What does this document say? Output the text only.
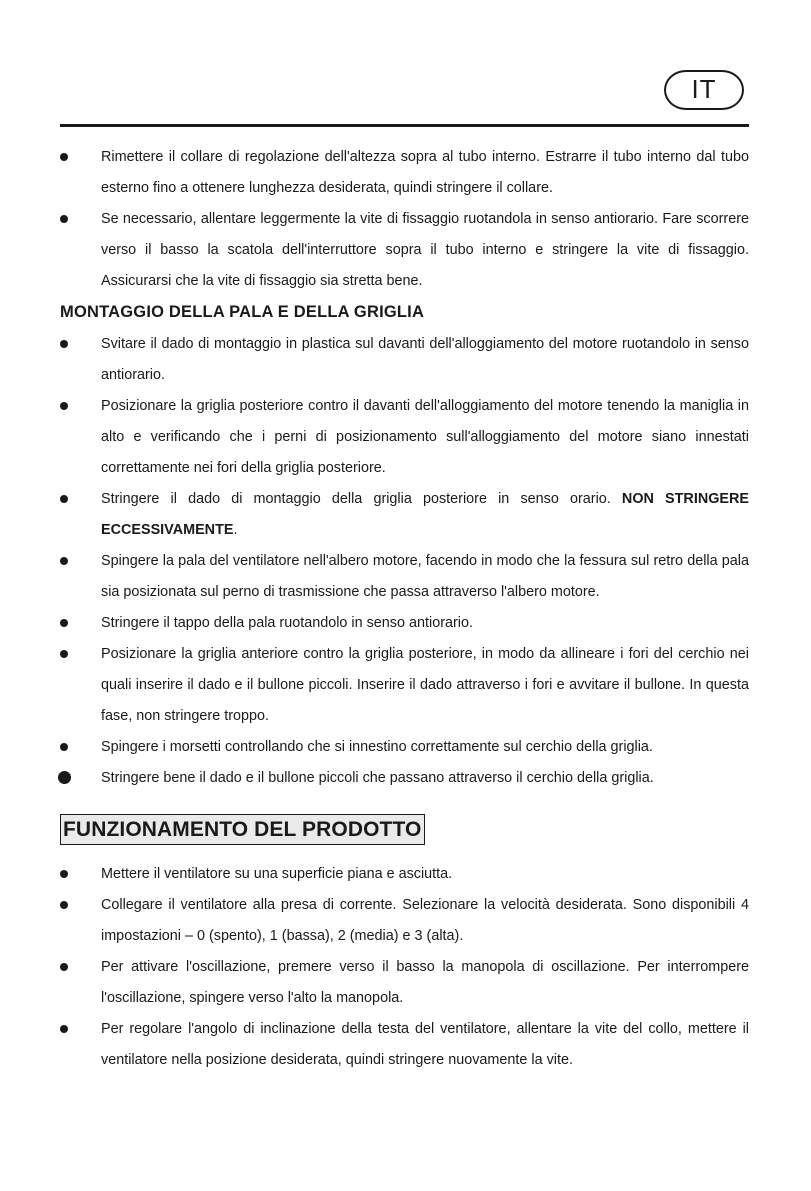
IT
Rimettere il collare di regolazione dell'altezza sopra al tubo interno. Estrarre il tubo interno dal tubo esterno fino a ottenere lunghezza desiderata, quindi stringere il collare.
Se necessario, allentare leggermente la vite di fissaggio ruotandola in senso antiorario. Fare scorrere verso il basso la scatola dell'interruttore sopra il tubo interno e stringere la vite di fissaggio. Assicurarsi che la vite di fissaggio sia stretta bene.
MONTAGGIO DELLA PALA E DELLA GRIGLIA
Svitare il dado di montaggio in plastica sul davanti dell'alloggiamento del motore ruotandolo in senso antiorario.
Posizionare la griglia posteriore contro il davanti dell'alloggiamento del motore tenendo la maniglia in alto e verificando che i perni di posizionamento sull'alloggiamento del motore siano innestati correttamente nei fori della griglia posteriore.
Stringere il dado di montaggio della griglia posteriore in senso orario. NON STRINGERE ECCESSIVAMENTE.
Spingere la pala del ventilatore nell'albero motore, facendo in modo che la fessura sul retro della pala sia posizionata sul perno di trasmissione che passa attraverso l'albero motore.
Stringere il tappo della pala ruotandolo in senso antiorario.
Posizionare la griglia anteriore contro la griglia posteriore, in modo da allineare i fori del cerchio nei quali inserire il dado e il bullone piccoli. Inserire il dado attraverso i fori e avvitare il bullone. In questa fase, non stringere troppo.
Spingere i morsetti controllando che si innestino correttamente sul cerchio della griglia.
Stringere bene il dado e il bullone piccoli che passano attraverso il cerchio della griglia.
FUNZIONAMENTO DEL PRODOTTO
Mettere il ventilatore su una superficie piana e asciutta.
Collegare il ventilatore alla presa di corrente. Selezionare la velocità desiderata. Sono disponibili 4 impostazioni – 0 (spento), 1 (bassa), 2 (media) e 3 (alta).
Per attivare l'oscillazione, premere verso il basso la manopola di oscillazione. Per interrompere l'oscillazione, spingere verso l'alto la manopola.
Per regolare l'angolo di inclinazione della testa del ventilatore, allentare la vite del collo, mettere il ventilatore nella posizione desiderata, quindi stringere nuovamente la vite.
